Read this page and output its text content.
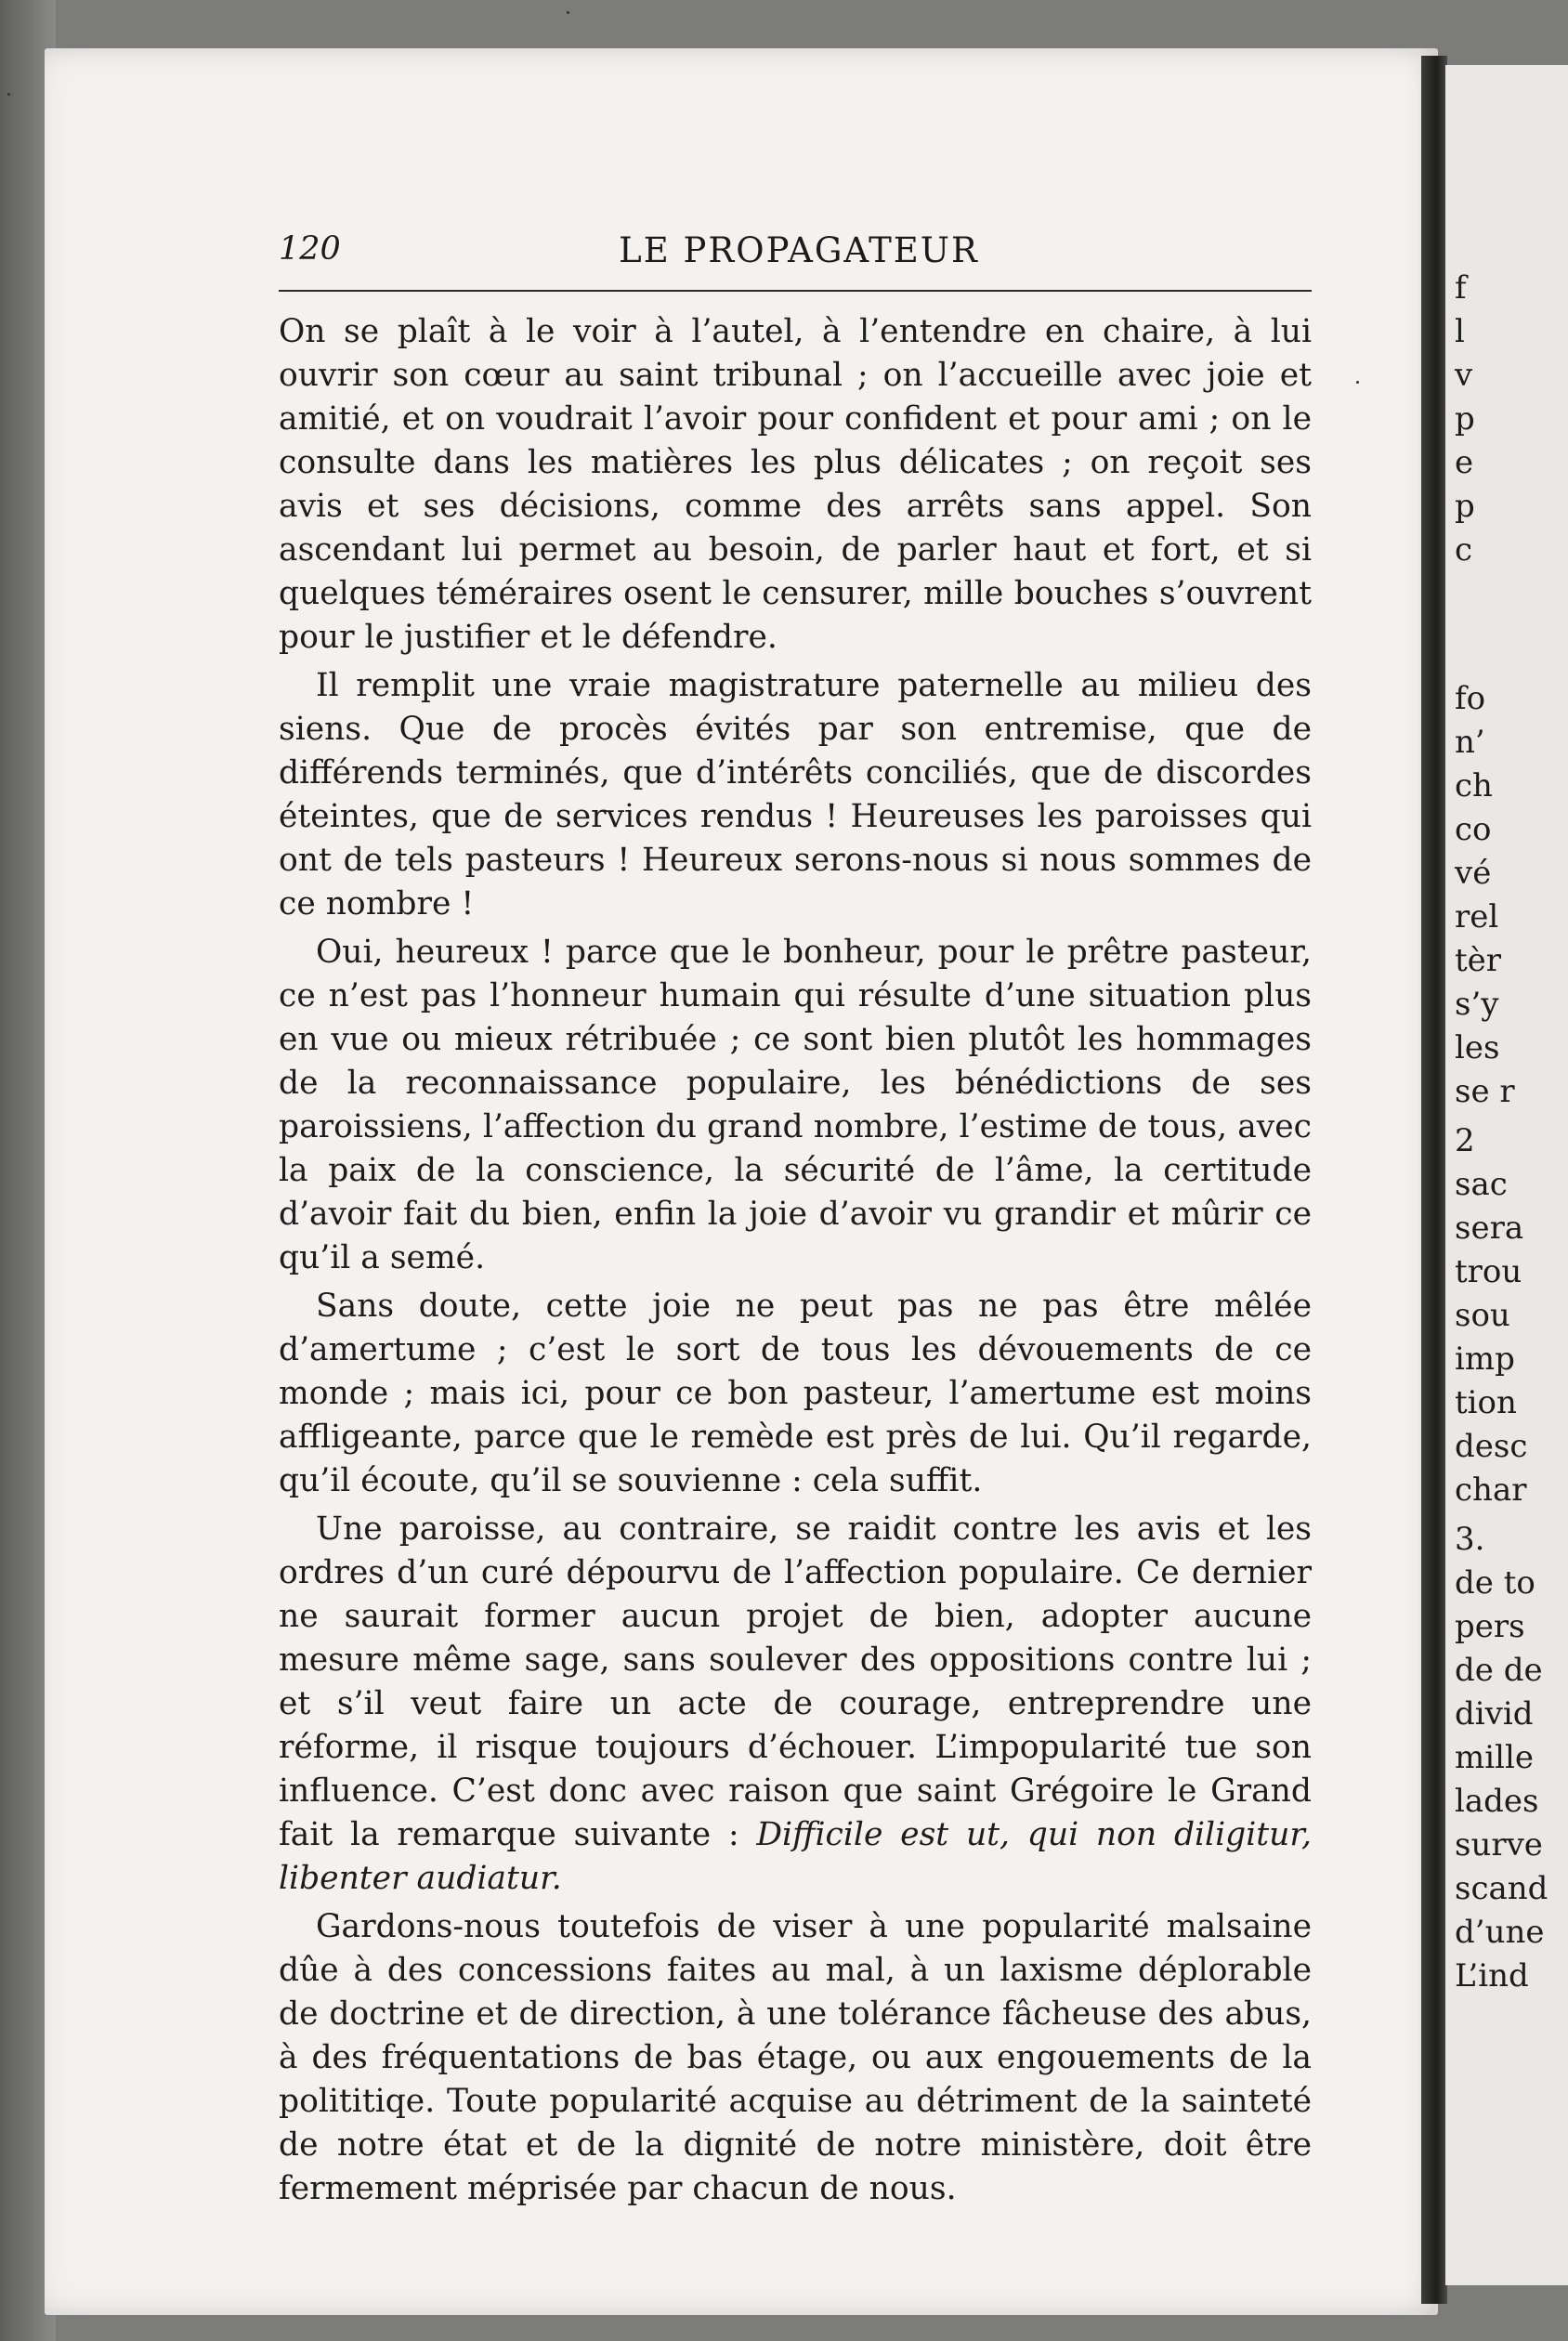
LE PROPAGATEUR
120

On se plaît à le voir à l’autel, à l’entendre en chaire, à lui ouvrir son cœur au saint tribunal ; on l’accueille avec joie et amitié, et on voudrait l’avoir pour confident et pour ami ; on le consulte dans les matières les plus délicates ; on reçoit ses avis et ses décisions, comme des arrêts sans appel. Son ascendant lui permet au besoin, de parler haut et fort, et si quelques téméraires osent le censurer, mille bouches s’ouvrent pour le justifier et le défendre.

Il remplit une vraie magistrature paternelle au milieu des siens. Que de procès évités par son entremise, que de différends terminés, que d’intérêts conciliés, que de discordes éteintes, que de services rendus ! Heureuses les paroisses qui ont de tels pasteurs ! Heureux serons-nous si nous sommes de ce nombre !

Oui, heureux ! parce que le bonheur, pour le prêtre pasteur, ce n’est pas l’honneur humain qui résulte d’une situation plus en vue ou mieux rétribuée ; ce sont bien plutôt les hommages de la reconnaissance populaire, les bénédictions de ses paroissiens, l’affection du grand nombre, l’estime de tous, avec la paix de la conscience, la sécurité de l’âme, la certitude d’avoir fait du bien, enfin la joie d’avoir vu grandir et mûrir ce qu’il a semé.

Sans doute, cette joie ne peut pas ne pas être mêlée d’amertume ; c’est le sort de tous les dévouements de ce monde ; mais ici, pour ce bon pasteur, l’amertume est moins affligeante, parce que le remède est près de lui. Qu’il regarde, qu’il écoute, qu’il se souvienne : cela suffit.

Une paroisse, au contraire, se raidit contre les avis et les ordres d’un curé dépourvu de l’affection populaire. Ce dernier ne saurait former aucun projet de bien, adopter aucune mesure même sage, sans soulever des oppositions contre lui ; et s’il veut faire un acte de courage, entreprendre une réforme, il risque toujours d’échouer. L’impopularité tue son influence. C’est donc avec raison que saint Grégoire le Grand fait la remarque suivante : Difficile est ut, qui non diligitur, libenter audiatur.

Gardons-nous toutefois de viser à une popularité malsaine dûe à des concessions faites au mal, à un laxisme déplorable de doctrine et de direction, à une tolérance fâcheuse des abus, à des fréquentations de bas étage, ou aux engouements de la polititiqe. Toute popularité acquise au détriment de la sainteté de notre état et de la dignité de notre ministère, doit être fermement méprisée par chacun de nous.

f
l
v
p
e
p
c
fo
n’
ch
co
vé
rel
tèr
s’y
les
se r
2
sac
sera
trou
sou
imp
tion
desc
char
3.
de to
pers
de de
divid
mille
lades
surve
scand
d’une
L’ind
